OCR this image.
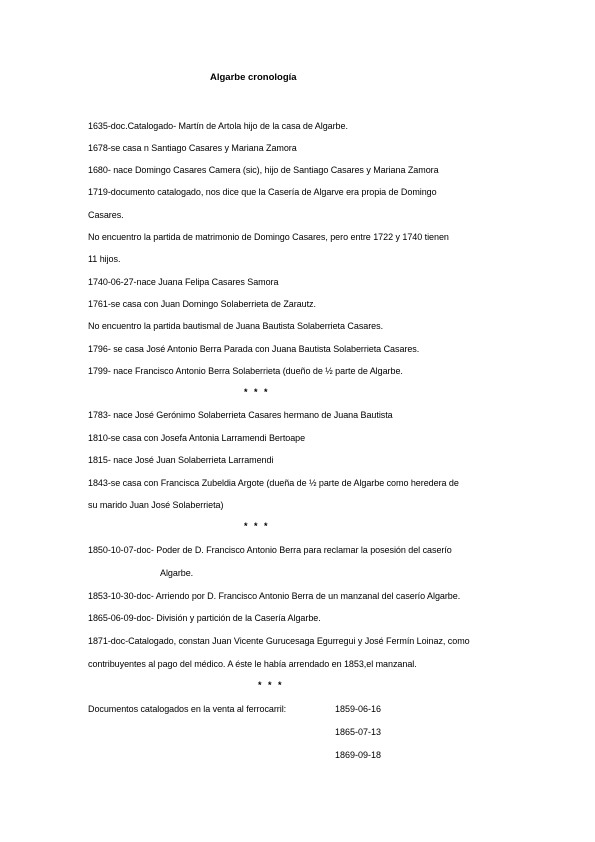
Algarbe cronología
1635-doc.Catalogado- Martín de Artola hijo de la casa de Algarbe.
1678-se casa n Santiago Casares y Mariana Zamora
1680- nace Domingo Casares Camera (sic), hijo de Santiago Casares y Mariana Zamora
1719-documento catalogado, nos dice que la Casería de Algarve era propia de Domingo
Casares.
No encuentro la partida de matrimonio de Domingo Casares, pero entre 1722 y 1740 tienen
11 hijos.
1740-06-27-nace Juana Felipa Casares Samora
1761-se casa con Juan Domingo Solaberrieta de Zarautz.
No encuentro la partida bautismal de Juana Bautista Solaberrieta Casares.
1796- se casa José Antonio Berra Parada con Juana Bautista Solaberrieta Casares.
1799- nace Francisco Antonio Berra Solaberrieta (dueño de ½ parte de Algarbe.
* * *
1783- nace José Gerónimo Solaberrieta Casares hermano de Juana Bautista
1810-se casa con Josefa Antonia Larramendi Bertoape
1815- nace José Juan Solaberrieta Larramendi
1843-se casa con Francisca Zubeldia Argote (dueña de ½ parte de Algarbe como heredera de
su marido Juan José Solaberrieta)
* * *
1850-10-07-doc- Poder de D. Francisco Antonio Berra para reclamar la posesión del caserío
Algarbe.
1853-10-30-doc- Arriendo por D. Francisco Antonio Berra de un manzanal del caserío Algarbe.
1865-06-09-doc- División y partición de la Casería Algarbe.
1871-doc-Catalogado, constan Juan Vicente Gurucesaga Egurregui y José Fermín Loinaz, como
contribuyentes al pago del médico. A éste le había arrendado en 1853,el manzanal.
* * *
Documentos catalogados en la venta al ferrocarril:	1859-06-16
1865-07-13
1869-09-18
